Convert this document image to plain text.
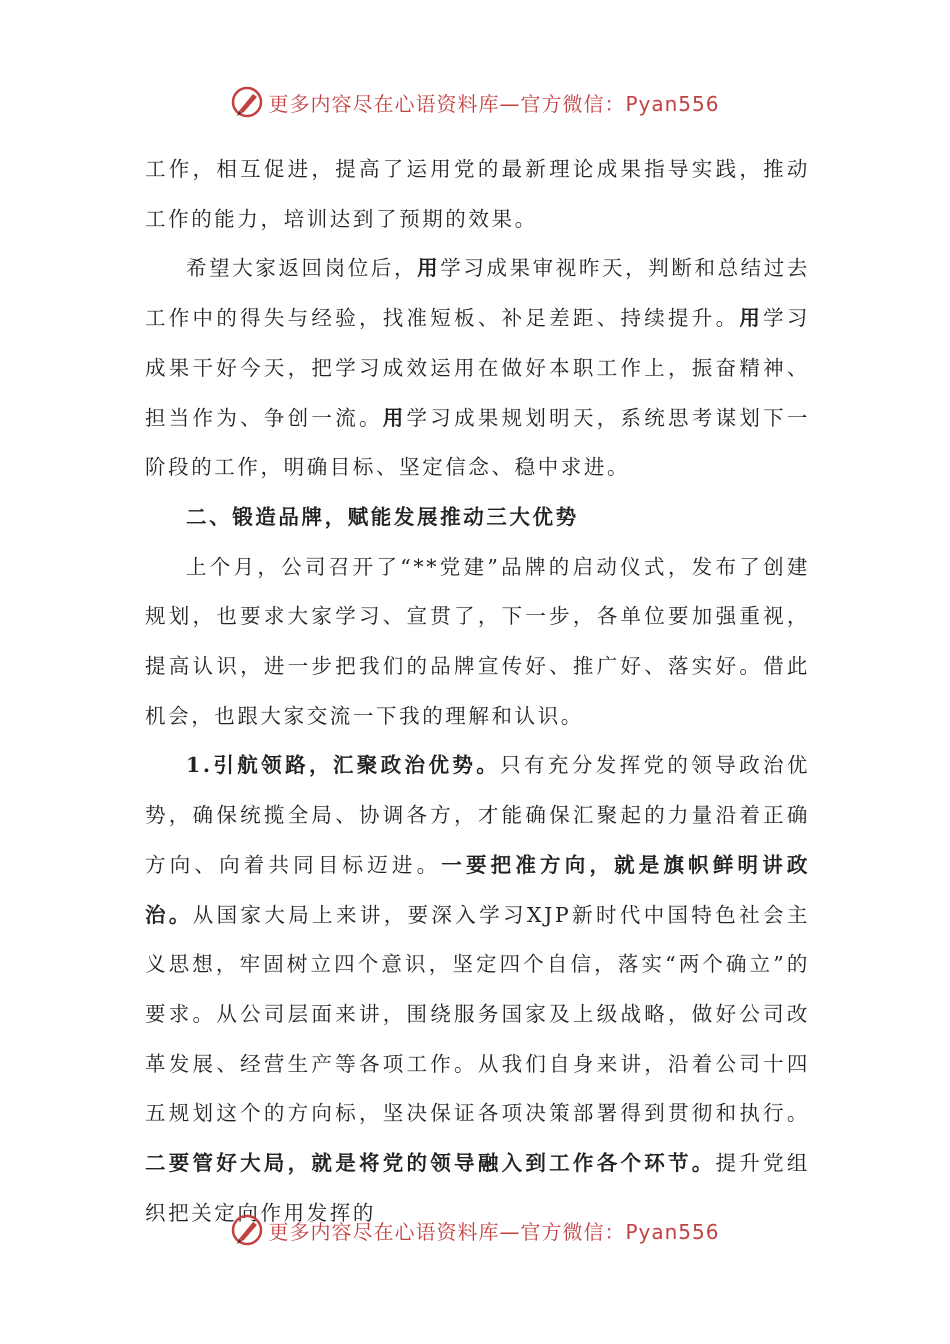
更多内容尽在心语资料库—官方微信：Pyan556

工作，相互促进，提高了运用党的最新理论成果指导实践，推动工作的能力，培训达到了预期的效果。

希望大家返回岗位后，用学习成果审视昨天，判断和总结过去工作中的得失与经验，找准短板、补足差距、持续提升。用学习成果干好今天，把学习成效运用在做好本职工作上，振奋精神、担当作为、争创一流。用学习成果规划明天，系统思考谋划下一阶段的工作，明确目标、坚定信念、稳中求进。

二、锻造品牌，赋能发展推动三大优势

上个月，公司召开了“**党建”品牌的启动仪式，发布了创建规划，也要求大家学习、宣贯了，下一步，各单位要加强重视，提高认识，进一步把我们的品牌宣传好、推广好、落实好。借此机会，也跟大家交流一下我的理解和认识。

1.引航领路，汇聚政治优势。只有充分发挥党的领导政治优势，确保统揽全局、协调各方，才能确保汇聚起的力量沿着正确方向、向着共同目标迈进。一要把准方向，就是旗帜鲜明讲政治。从国家大局上来讲，要深入学习XJP新时代中国特色社会主义思想，牢固树立四个意识，坚定四个自信，落实“两个确立”的要求。从公司层面来讲，围绕服务国家及上级战略，做好公司改革发展、经营生产等各项工作。从我们自身来讲，沿着公司十四五规划这个的方向标，坚决保证各项决策部署得到贯彻和执行。二要管好大局，就是将党的领导融入到工作各个环节。提升党组织把关定向作用发挥的

更多内容尽在心语资料库—官方微信：Pyan556
